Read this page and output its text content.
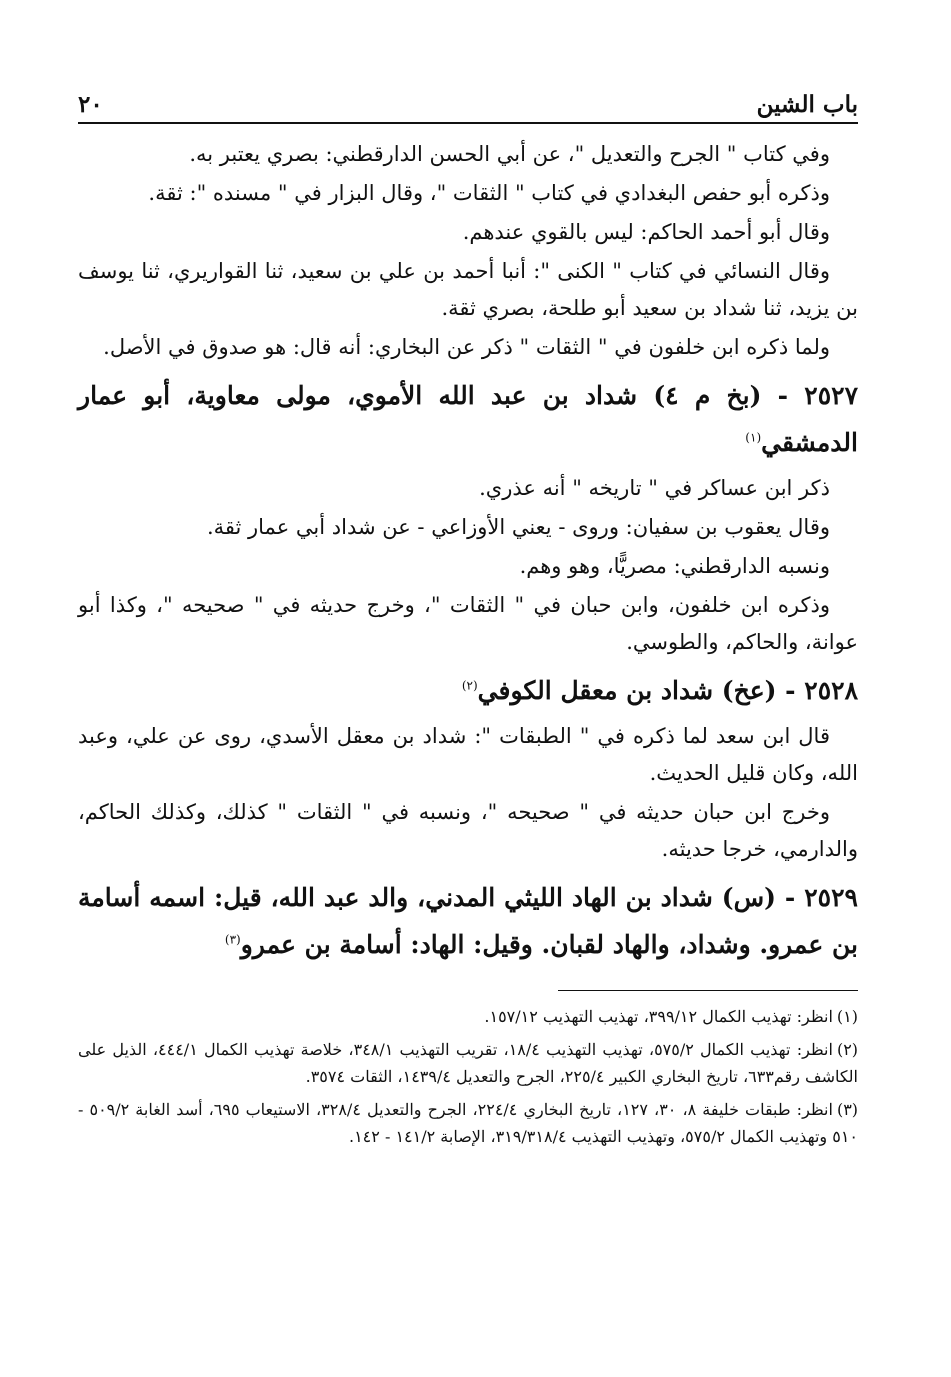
٢٠	باب الشين

وفي كتاب " الجرح والتعديل "، عن أبي الحسن الدارقطني: بصري يعتبر به.

وذكره أبو حفص البغدادي في كتاب " الثقات "، وقال البزار في " مسنده ": ثقة.

وقال أبو أحمد الحاكم: ليس بالقوي عندهم.

وقال النسائي في كتاب " الكنى ": أنبا أحمد بن علي بن سعيد، ثنا القواريري، ثنا يوسف بن يزيد، ثنا شداد بن سعيد أبو طلحة، بصري ثقة.

ولما ذكره ابن خلفون في " الثقات " ذكر عن البخاري: أنه قال: هو صدوق في الأصل.

٢٥٢٧ - (بخ م ٤) شداد بن عبد الله الأموي، مولى معاوية، أبو عمار الدمشقي$^{(١)}$

ذكر ابن عساكر في " تاريخه " أنه عذري.

وقال يعقوب بن سفيان: وروى - يعني الأوزاعي - عن شداد أبي عمار ثقة.

ونسبه الدارقطني: مصريًّا، وهو وهم.

وذكره ابن خلفون، وابن حبان في " الثقات "، وخرج حديثه في " صحيحه "، وكذا أبو عوانة، والحاكم، والطوسي.

٢٥٢٨ - (عخ) شداد بن معقل الكوفي$^{(٢)}$

قال ابن سعد لما ذكره في " الطبقات ": شداد بن معقل الأسدي، روى عن علي، وعبد الله، وكان قليل الحديث.

وخرج ابن حبان حديثه في " صحيحه "، ونسبه في " الثقات " كذلك، وكذلك الحاكم، والدارمي، خرجا حديثه.

٢٥٢٩ - (س) شداد بن الهاد الليثي المدني، والد عبد الله، قيل: اسمه أسامة بن عمرو. وشداد، والهاد لقبان. وقيل: الهاد: أسامة بن عمرو$^{(٣)}$

(١)انظر: تهذيب الكمال ٣٩٩/١٢، تهذيب التهذيب ١٥٧/١٢.

(٢)انظر: تهذيب الكمال ٥٧٥/٢، تهذيب التهذيب ١٨/٤، تقريب التهذيب ٣٤٨/١، خلاصة تهذيب الكمال ٤٤٤/١، الذيل على الكاشف رقم٦٣٣، تاريخ البخاري الكبير ٢٢٥/٤، الجرح والتعديل ١٤٣٩/٤، الثقات ٣٥٧٤.

(٣)انظر: طبقات خليفة ٨، ٣٠، ١٢٧، تاريخ البخاري ٢٢٤/٤، الجرح والتعديل ٣٢٨/٤، الاستيعاب ٦٩٥، أسد الغابة ٥٠٩/٢ - ٥١٠ وتهذيب الكمال ٥٧٥/٢، وتهذيب التهذيب ٣١٩/٣١٨/٤، الإصابة ١٤١/٢ - ١٤٢.
